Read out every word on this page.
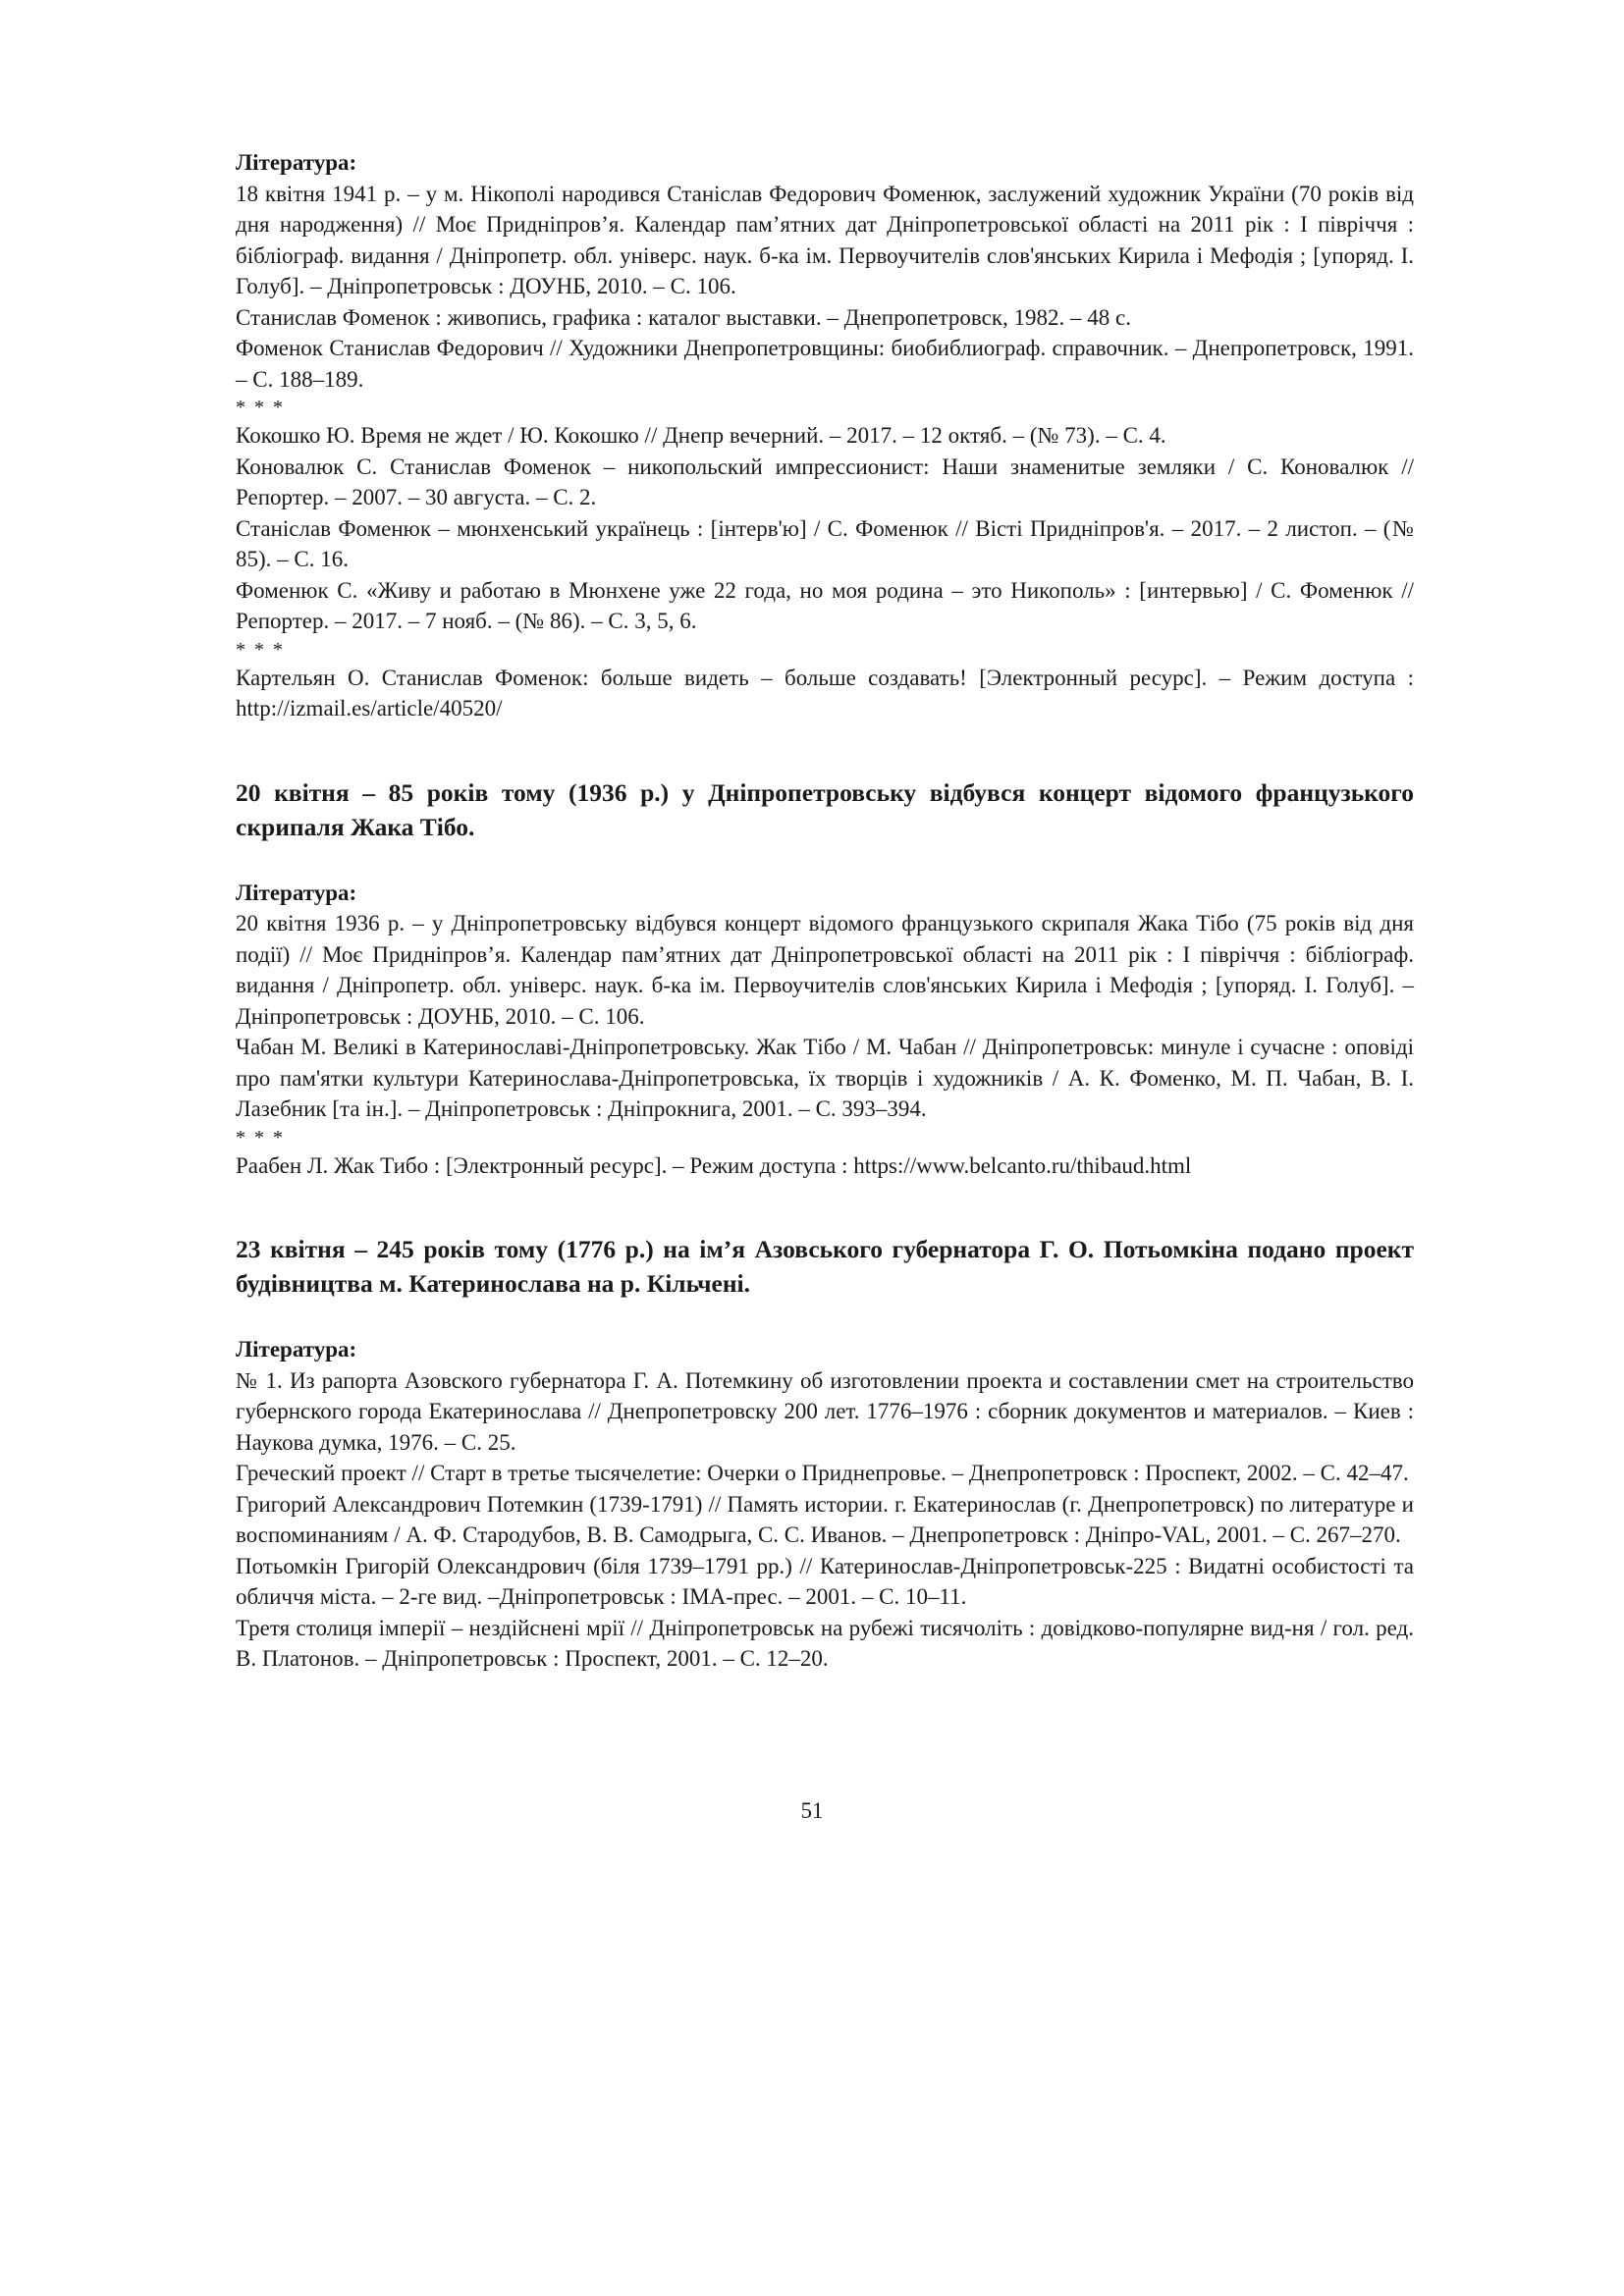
Література:

18 квітня 1941 р. – у м. Нікополі народився Станіслав Федорович Фоменюк, заслужений художник України (70 років від дня народження) // Моє Придніпров’я. Календар пам’ятних дат Дніпропетровської області на 2011 рік : І півріччя : бібліограф. видання / Дніпропетр. обл. універс. наук. б-ка ім. Первоучителів слов'янських Кирила і Мефодія ; [упоряд. І. Голуб]. – Дніпропетровськ : ДОУНБ, 2010. – С. 106.

Станислав Фоменок : живопись, графика : каталог выставки. – Днепропетровск, 1982. – 48 с.

Фоменок Станислав Федорович // Художники Днепропетровщины: биобиблиограф. справочник. – Днепропетровск, 1991. – С. 188–189.

* * *

Кокошко Ю. Время не ждет / Ю. Кокошко // Днепр вечерний. – 2017. – 12 октяб. – (№ 73). – С. 4.

Коновалюк С. Станислав Фоменок – никопольский импрессионист: Наши знаменитые земляки / С. Коновалюк // Репортер. – 2007. – 30 августа. – С. 2.

Станіслав Фоменюк – мюнхенський українець : [інтерв'ю] / С. Фоменюк // Вісті Придніпров'я. – 2017. – 2 листоп. – (№ 85). – С. 16.

Фоменюк С. «Живу и работаю в Мюнхене уже 22 года, но моя родина – это Никополь» : [интервью] / С. Фоменюк // Репортер. – 2017. – 7 нояб. – (№ 86). – С. 3, 5, 6.

* * *

Картельян О. Станислав Фоменок: больше видеть – больше создавать! [Электронный ресурс]. – Режим доступа : http://izmail.es/article/40520/

20 квітня – 85 років тому (1936 р.) у Дніпропетровську відбувся концерт відомого французького скрипаля Жака Тібо.

Література:

20 квітня 1936 р. – у Дніпропетровську відбувся концерт відомого французького скрипаля Жака Тібо (75 років від дня події) // Моє Придніпров’я. Календар пам’ятних дат Дніпропетровської області на 2011 рік : І півріччя : бібліограф. видання / Дніпропетр. обл. універс. наук. б-ка ім. Первоучителів слов'янських Кирила і Мефодія ; [упоряд. І. Голуб]. – Дніпропетровськ : ДОУНБ, 2010. – С. 106.

Чабан М. Великі в Катеринославі-Дніпропетровську. Жак Тібо / М. Чабан // Дніпропетровськ: минуле і сучасне : оповіді про пам'ятки культури Катеринослава-Дніпропетровська, їх творців і художників / А. К. Фоменко, М. П. Чабан, В. І. Лазебник [та ін.]. – Дніпропетровськ : Дніпрокнига, 2001. – С. 393–394.

* * *

Раабен Л. Жак Тибо : [Электронный ресурс]. – Режим доступа : https://www.belcanto.ru/thibaud.html

23 квітня – 245 років тому (1776 р.) на ім’я Азовського губернатора Г. О. Потьомкіна подано проект будівництва м. Катеринослава на р. Кільчені.

Література:

№ 1. Из рапорта Азовского губернатора Г. А. Потемкину об изготовлении проекта и составлении смет на строительство губернского города Екатеринослава // Днепропетровску 200 лет. 1776–1976 : сборник документов и материалов. – Киев : Наукова думка, 1976. – С. 25.

Греческий проект // Старт в третье тысячелетие: Очерки о Приднепровье. – Днепропетровск : Проспект, 2002. – С. 42–47.

Григорий Александрович Потемкин (1739-1791) // Память истории. г. Екатеринослав (г. Днепропетровск) по литературе и воспоминаниям / А. Ф. Стародубов, В. В. Самодрыга, С. С. Иванов. – Днепропетровск : Дніпро-VAL, 2001. – С. 267–270.

Потьомкін Григорій Олександрович (біля 1739–1791 рр.) // Катеринослав-Дніпропетровськ-225 : Видатні особистості та обличчя міста. – 2-ге вид. –Дніпропетровськ : ІМА-прес. – 2001. – С. 10–11.

Третя столиця імперії – нездійснені мрії // Дніпропетровськ на рубежі тисячоліть : довідково-популярне вид-ня / гол. ред. В. Платонов. – Дніпропетровськ : Проспект, 2001. – С. 12–20.

51
